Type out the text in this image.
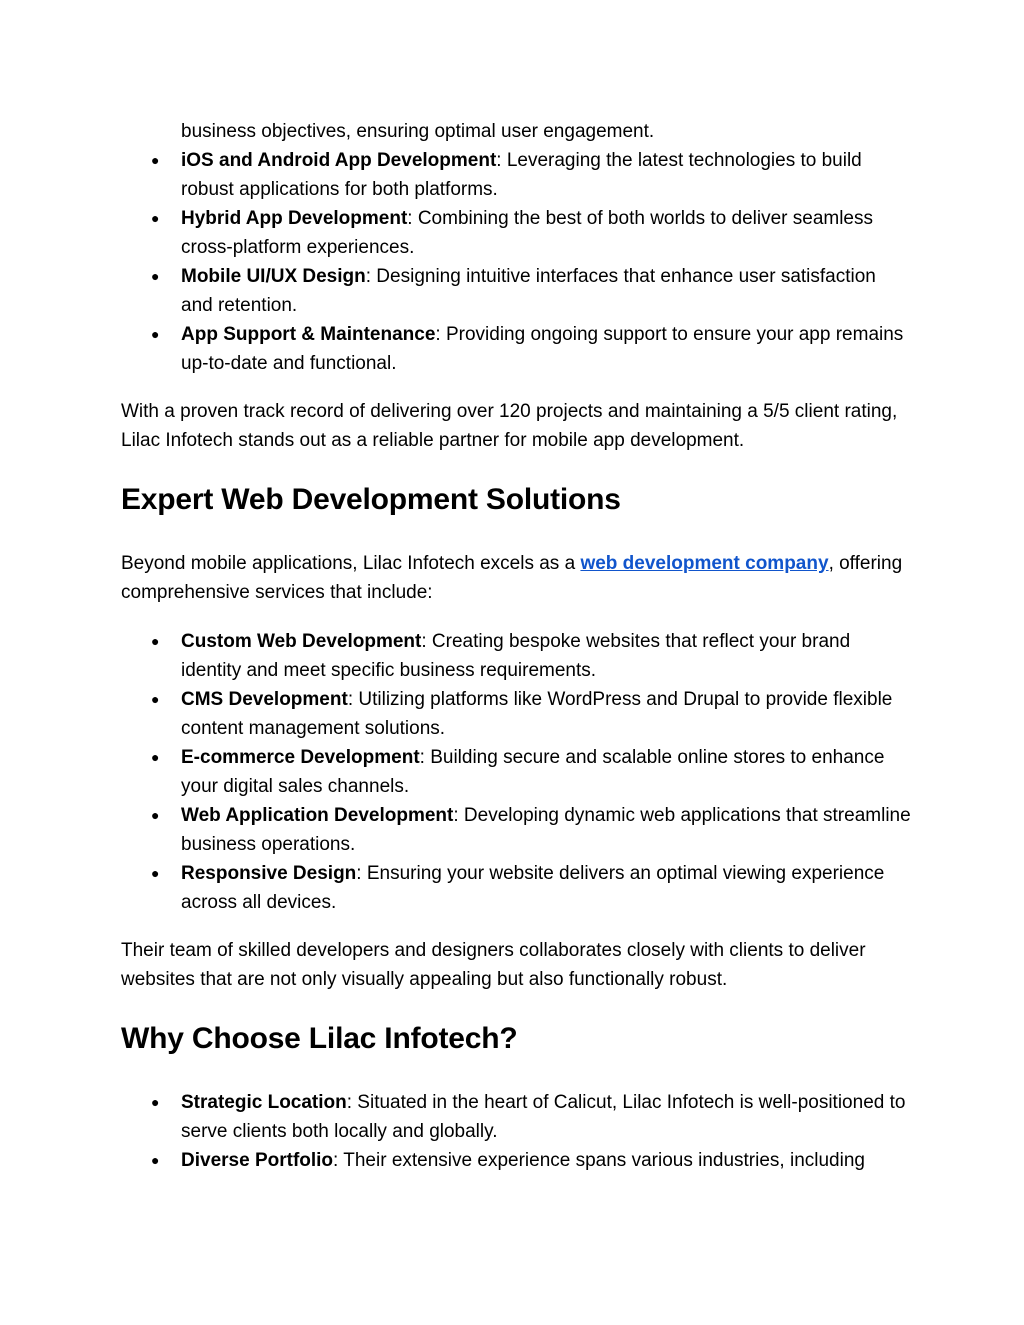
business objectives, ensuring optimal user engagement.

● iOS and Android App Development: Leveraging the latest technologies to build robust applications for both platforms.
● Hybrid App Development: Combining the best of both worlds to deliver seamless cross-platform experiences.
● Mobile UI/UX Design: Designing intuitive interfaces that enhance user satisfaction and retention.
● App Support & Maintenance: Providing ongoing support to ensure your app remains up-to-date and functional.

With a proven track record of delivering over 120 projects and maintaining a 5/5 client rating, Lilac Infotech stands out as a reliable partner for mobile app development.

Expert Web Development Solutions

Beyond mobile applications, Lilac Infotech excels as a web development company, offering comprehensive services that include:

● Custom Web Development: Creating bespoke websites that reflect your brand identity and meet specific business requirements.
● CMS Development: Utilizing platforms like WordPress and Drupal to provide flexible content management solutions.
● E-commerce Development: Building secure and scalable online stores to enhance your digital sales channels.
● Web Application Development: Developing dynamic web applications that streamline business operations.
● Responsive Design: Ensuring your website delivers an optimal viewing experience across all devices.

Their team of skilled developers and designers collaborates closely with clients to deliver websites that are not only visually appealing but also functionally robust.

Why Choose Lilac Infotech?
● Strategic Location: Situated in the heart of Calicut, Lilac Infotech is well-positioned to serve clients both locally and globally.
● Diverse Portfolio: Their extensive experience spans various industries, including
